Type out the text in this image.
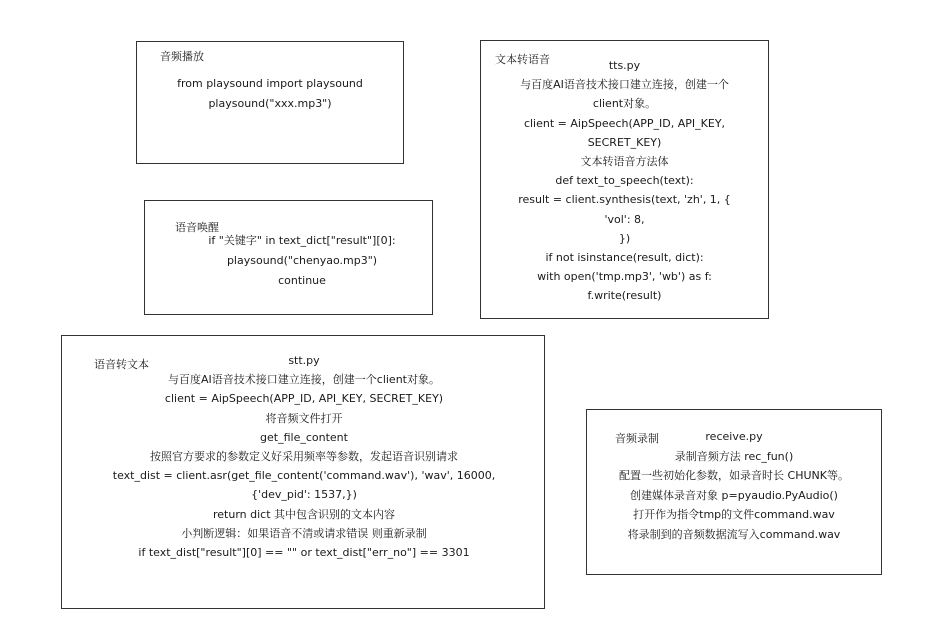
音频播放
from playsound import playsound
playsound("xxx.mp3")
文本转语音	tts.py
与百度AI语音技术接口建立连接，创建一个
client对象。
client = AipSpeech(APP_ID, API_KEY,
SECRET_KEY)
文本转语音方法体
def text_to_speech(text):
result = client.synthesis(text, 'zh', 1, {
'vol': 8,
})
if not isinstance(result, dict):
with open('tmp.mp3', 'wb') as f:
f.write(result)
语音唤醒
if "关键字" in text_dict["result"][0]:
playsound("chenyao.mp3")
continue
语音转文本	stt.py
与百度AI语音技术接口建立连接，创建一个client对象。
client = AipSpeech(APP_ID, API_KEY, SECRET_KEY)
将音频文件打开
get_file_content
按照官方要求的参数定义好采用频率等参数，发起语音识别请求
text_dist = client.asr(get_file_content('command.wav'), 'wav', 16000,
{'dev_pid': 1537,})
return dict 其中包含识别的文本内容
小判断逻辑：如果语音不清或请求错误 则重新录制
if text_dist["result"][0] == "" or text_dist["err_no"] == 3301
音频录制	receive.py
录制音频方法 rec_fun()
配置一些初始化参数，如录音时长 CHUNK等。
创建媒体录音对象 p=pyaudio.PyAudio()
打开作为指令tmp的文件command.wav
将录制到的音频数据流写入command.wav
